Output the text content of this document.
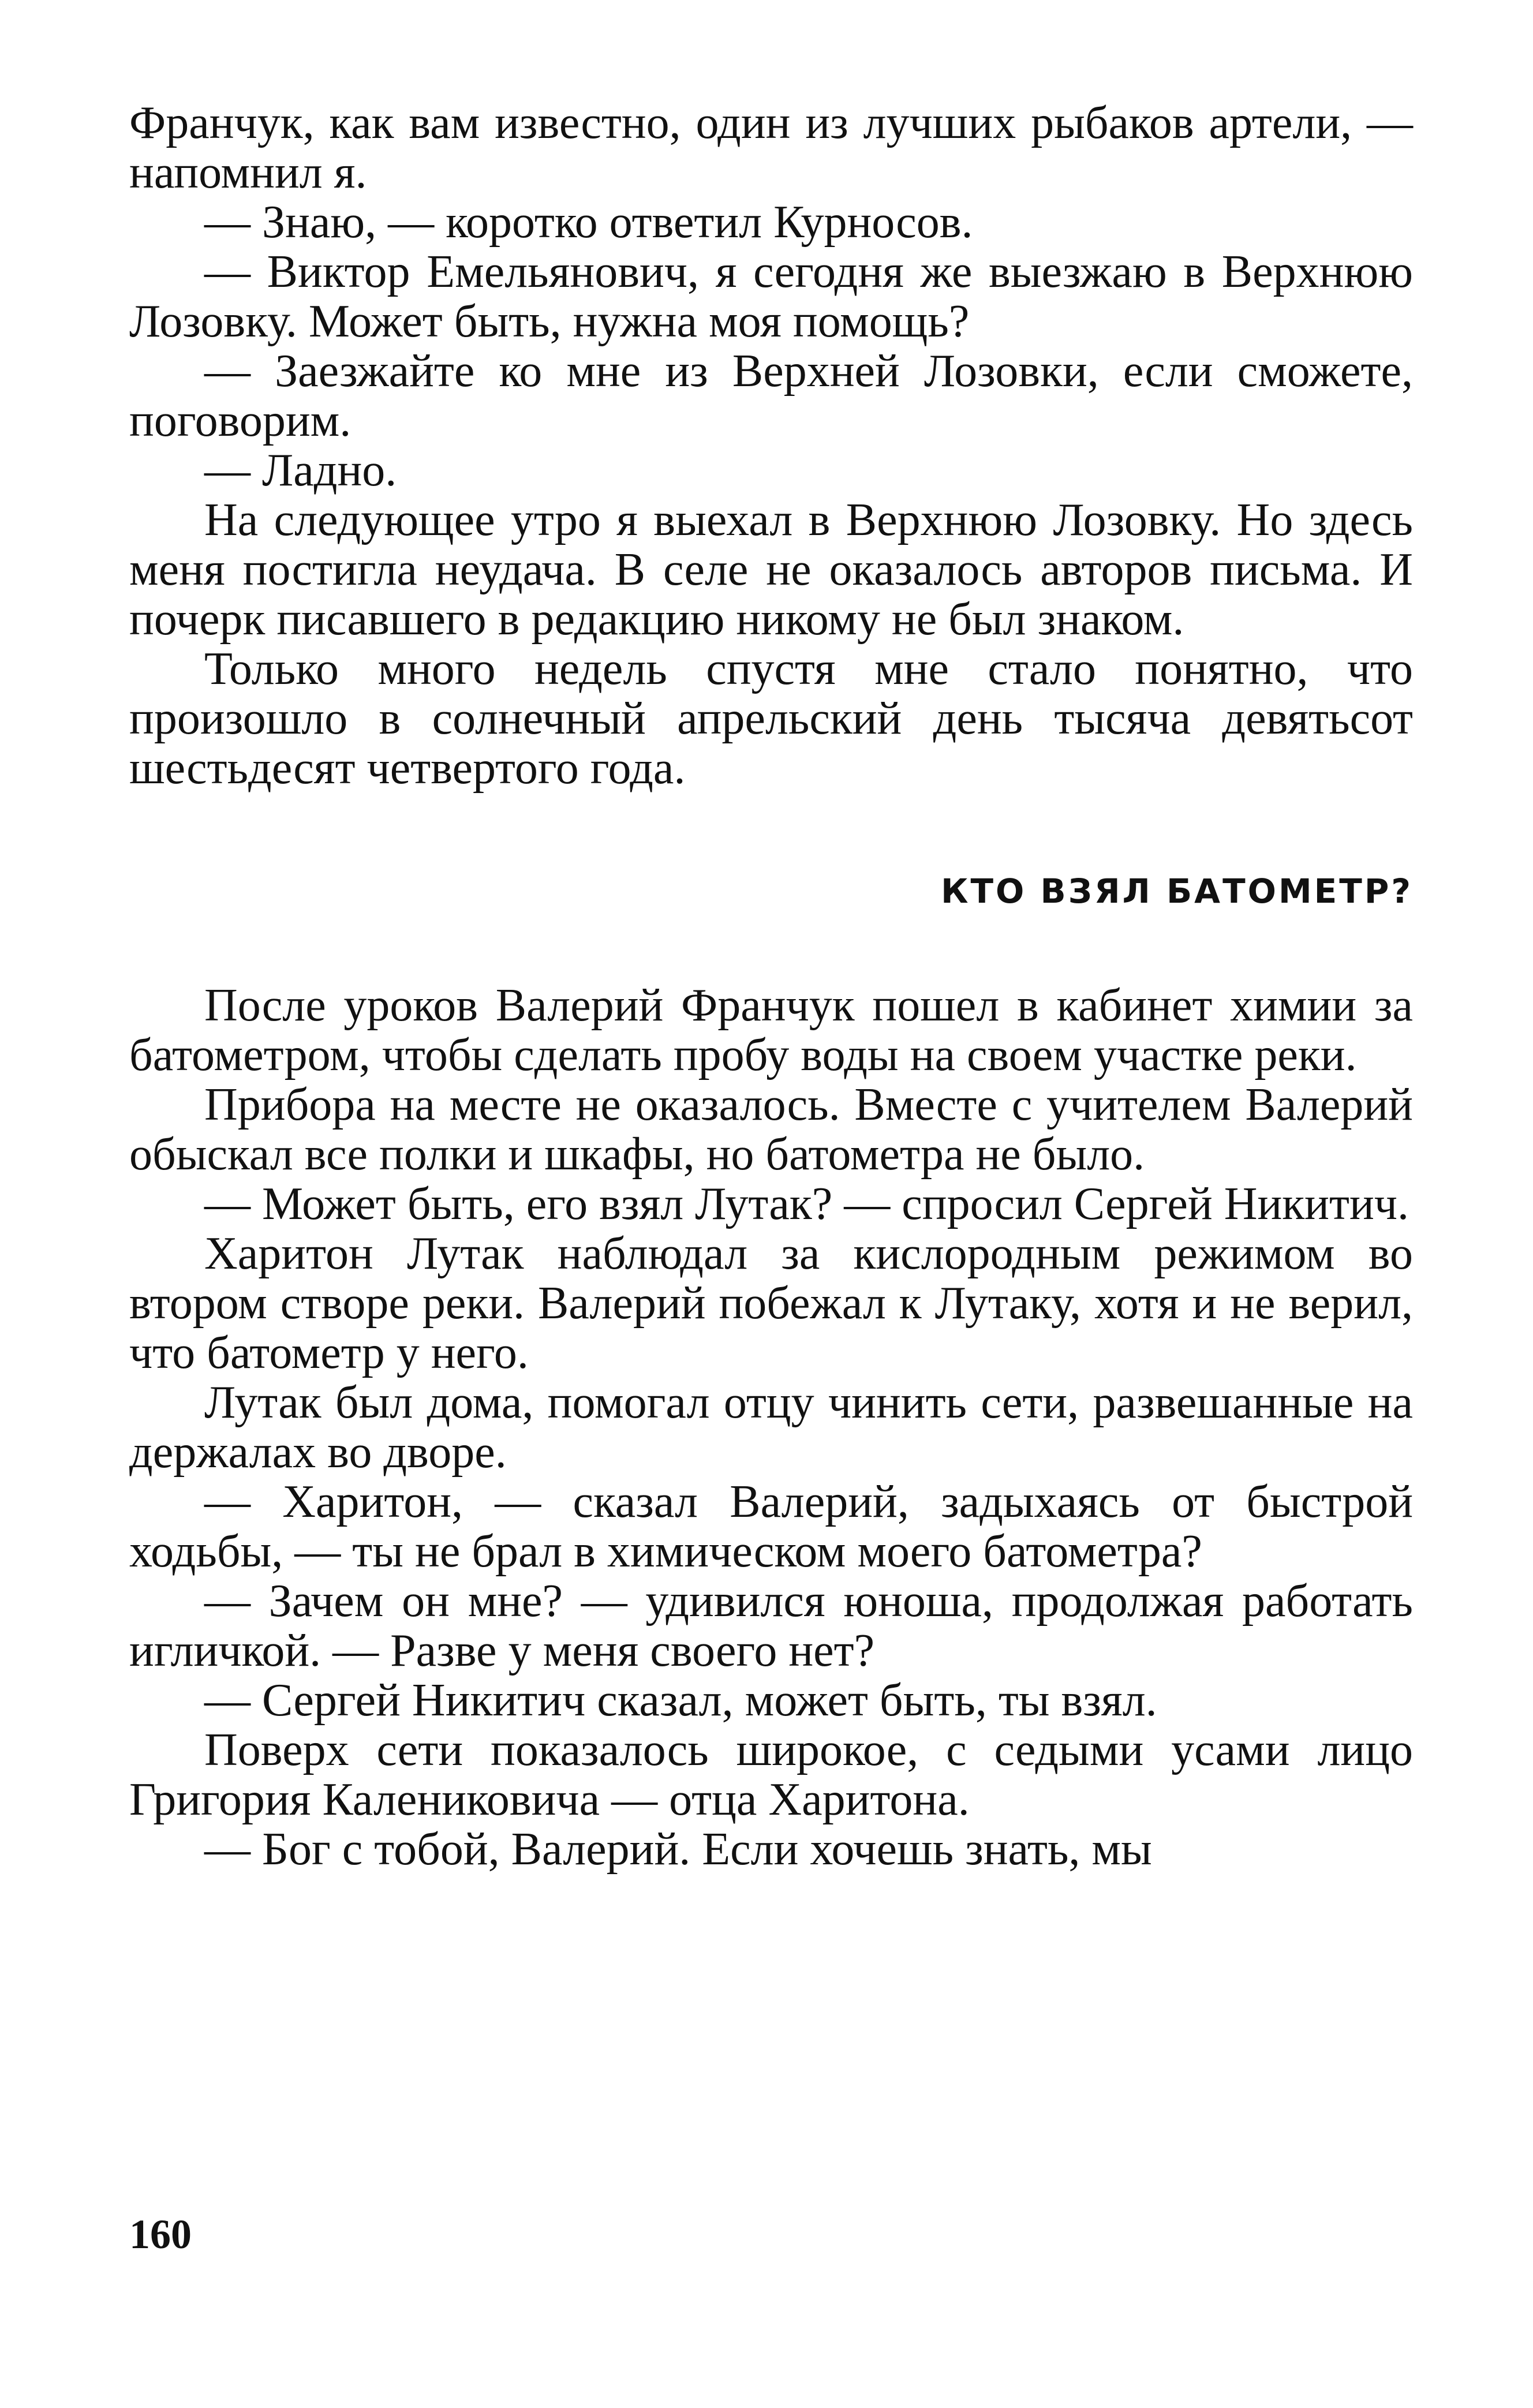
Франчук, как вам известно, один из лучших рыбаков артели, — напомнил я.

— Знаю, — коротко ответил Курносов.

— Виктор Емельянович, я сегодня же выезжаю в Верхнюю Лозовку. Может быть, нужна моя помощь?

— Заезжайте ко мне из Верхней Лозовки, если сможете, поговорим.

— Ладно.

На следующее утро я выехал в Верхнюю Лозовку. Но здесь меня постигла неудача. В селе не оказалось авторов письма. И почерк писавшего в редакцию никому не был знаком.

Только много недель спустя мне стало понятно, что произошло в солнечный апрельский день тысяча девятьсот шестьдесят четвертого года.

КТО ВЗЯЛ БАТОМЕТР?

После уроков Валерий Франчук пошел в кабинет химии за батометром, чтобы сделать пробу воды на своем участке реки.

Прибора на месте не оказалось. Вместе с учителем Валерий обыскал все полки и шкафы, но батометра не было.

— Может быть, его взял Лутак? — спросил Сергей Никитич.

Харитон Лутак наблюдал за кислородным режимом во втором створе реки. Валерий побежал к Лутаку, хотя и не верил, что батометр у него.

Лутак был дома, помогал отцу чинить сети, развешанные на держалах во дворе.

— Харитон, — сказал Валерий, задыхаясь от быстрой ходьбы, — ты не брал в химическом моего батометра?

— Зачем он мне? — удивился юноша, продолжая работать игличкой. — Разве у меня своего нет?

— Сергей Никитич сказал, может быть, ты взял.

Поверх сети показалось широкое, с седыми усами лицо Григория Калениковича — отца Харитона.

— Бог с тобой, Валерий. Если хочешь знать, мы

160
